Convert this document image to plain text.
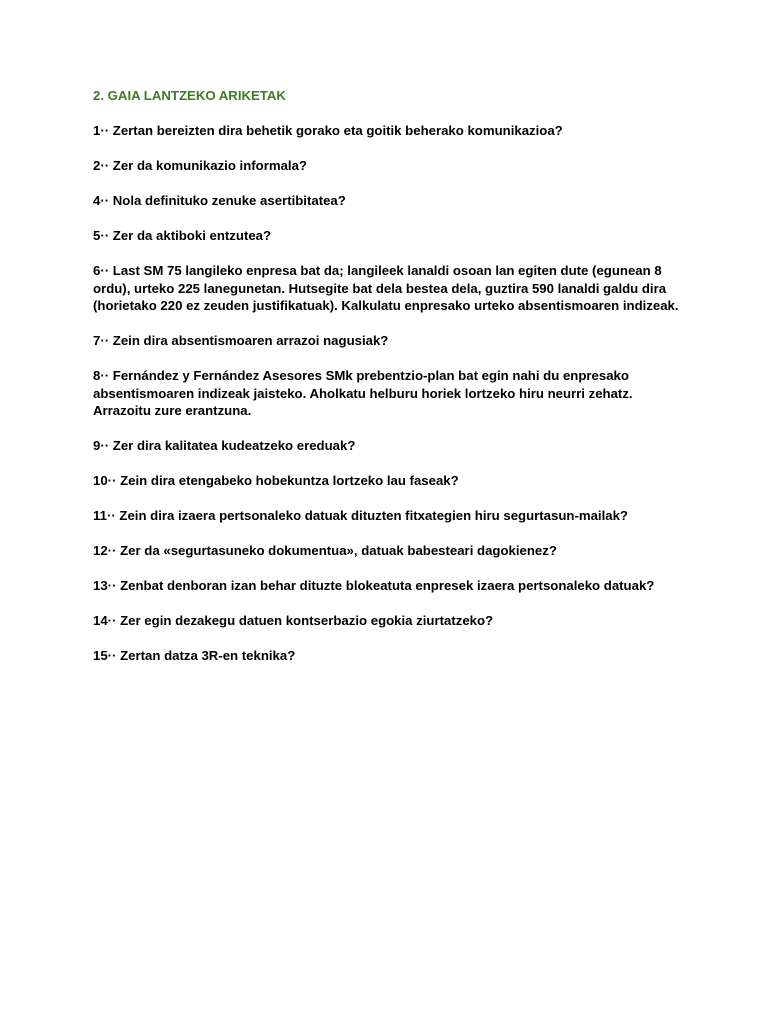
2. GAIA LANTZEKO ARIKETAK

1·· Zertan bereizten dira behetik gorako eta goitik beherako komunikazioa?

2·· Zer da komunikazio informala?

4·· Nola definituko zenuke asertibitatea?

5·· Zer da aktiboki entzutea?

6·· Last SM 75 langileko enpresa bat da; langileek lanaldi osoan lan egiten dute (egunean 8 ordu), urteko 225 lanegunetan. Hutsegite bat dela bestea dela, guztira 590 lanaldi galdu dira (horietako 220 ez zeuden justifikatuak). Kalkulatu enpresako urteko absentismoaren indizeak.

7·· Zein dira absentismoaren arrazoi nagusiak?

8·· Fernández y Fernández Asesores SMk prebentzio-plan bat egin nahi du enpresako absentismoaren indizeak jaisteko. Aholkatu helburu horiek lortzeko hiru neurri zehatz. Arrazoitu zure erantzuna.

9·· Zer dira kalitatea kudeatzeko ereduak?

10·· Zein dira etengabeko hobekuntza lortzeko lau faseak?

11·· Zein dira izaera pertsonaleko datuak dituzten fitxategien hiru segurtasun-mailak?

12·· Zer da «segurtasuneko dokumentua», datuak babesteari dagokienez?

13·· Zenbat denboran izan behar dituzte blokeatuta enpresek izaera pertsonaleko datuak?

14·· Zer egin dezakegu datuen kontserbazio egokia ziurtatzeko?

15·· Zertan datza 3R-en teknika?
